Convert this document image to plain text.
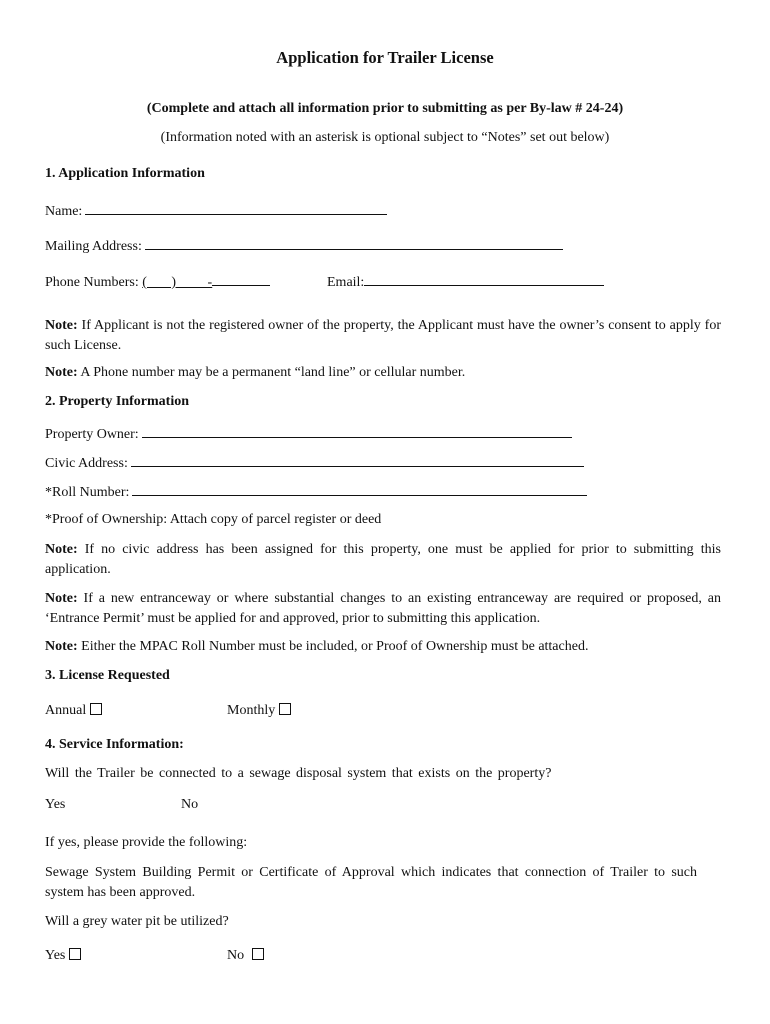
Application for Trailer License
(Complete and attach all information prior to submitting as per By-law # 24-24)
(Information noted with an asterisk is optional subject to “Notes” set out below)
1. Application Information
Name:
Mailing Address:
Phone Numbers: (       )         -	Email:
Note: If Applicant is not the registered owner of the property, the Applicant must have the owner’s consent to apply for such License.
Note: A Phone number may be a permanent “land line” or cellular number.
2. Property Information
Property Owner:
Civic Address:
*Roll Number:
*Proof of Ownership: Attach copy of parcel register or deed
Note: If no civic address has been assigned for this property, one must be applied for prior to submitting this application.
Note: If a new entranceway or where substantial changes to an existing entranceway are required or proposed, an ‘Entrance Permit’ must be applied for and approved, prior to submitting this application.
Note: Either the MPAC Roll Number must be included, or Proof of Ownership must be attached.
3. License Requested
Annual	Monthly
4. Service Information:
Will the Trailer be connected to a sewage disposal system that exists on the property?
Yes	No
If yes, please provide the following:
Sewage System Building Permit or Certificate of Approval which indicates that connection of Trailer to such system has been approved.
Will a grey water pit be utilized?
Yes	No
